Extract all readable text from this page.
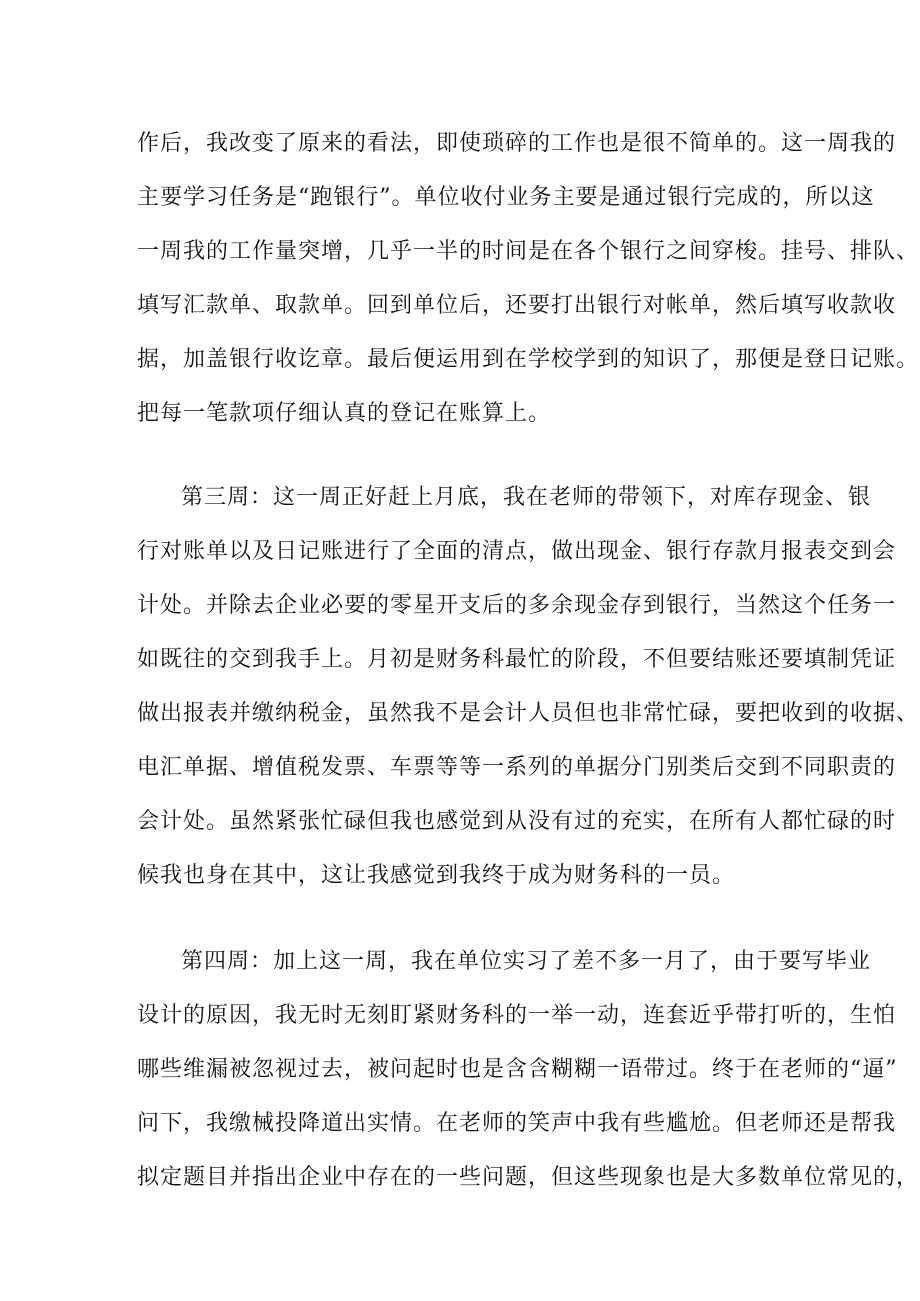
作后，我改变了原来的看法，即使琐碎的工作也是很不简单的。这一周我的
主要学习任务是“跑银行”。单位收付业务主要是通过银行完成的，所以这
一周我的工作量突增，几乎一半的时间是在各个银行之间穿梭。挂号、排队、
填写汇款单、取款单。回到单位后，还要打出银行对帐单，然后填写收款收
据，加盖银行收讫章。最后便运用到在学校学到的知识了，那便是登日记账。
把每一笔款项仔细认真的登记在账算上。

第三周：这一周正好赶上月底，我在老师的带领下，对库存现金、银
行对账单以及日记账进行了全面的清点，做出现金、银行存款月报表交到会
计处。并除去企业必要的零星开支后的多余现金存到银行，当然这个任务一
如既往的交到我手上。月初是财务科最忙的阶段，不但要结账还要填制凭证
做出报表并缴纳税金，虽然我不是会计人员但也非常忙碌，要把收到的收据、
电汇单据、增值税发票、车票等等一系列的单据分门别类后交到不同职责的
会计处。虽然紧张忙碌但我也感觉到从没有过的充实，在所有人都忙碌的时
候我也身在其中，这让我感觉到我终于成为财务科的一员。

第四周：加上这一周，我在单位实习了差不多一月了，由于要写毕业
设计的原因，我无时无刻盯紧财务科的一举一动，连套近乎带打听的，生怕
哪些维漏被忽视过去，被问起时也是含含糊糊一语带过。终于在老师的“逼”
问下，我缴械投降道出实情。在老师的笑声中我有些尴尬。但老师还是帮我
拟定题目并指出企业中存在的一些问题，但这些现象也是大多数单位常见的，
